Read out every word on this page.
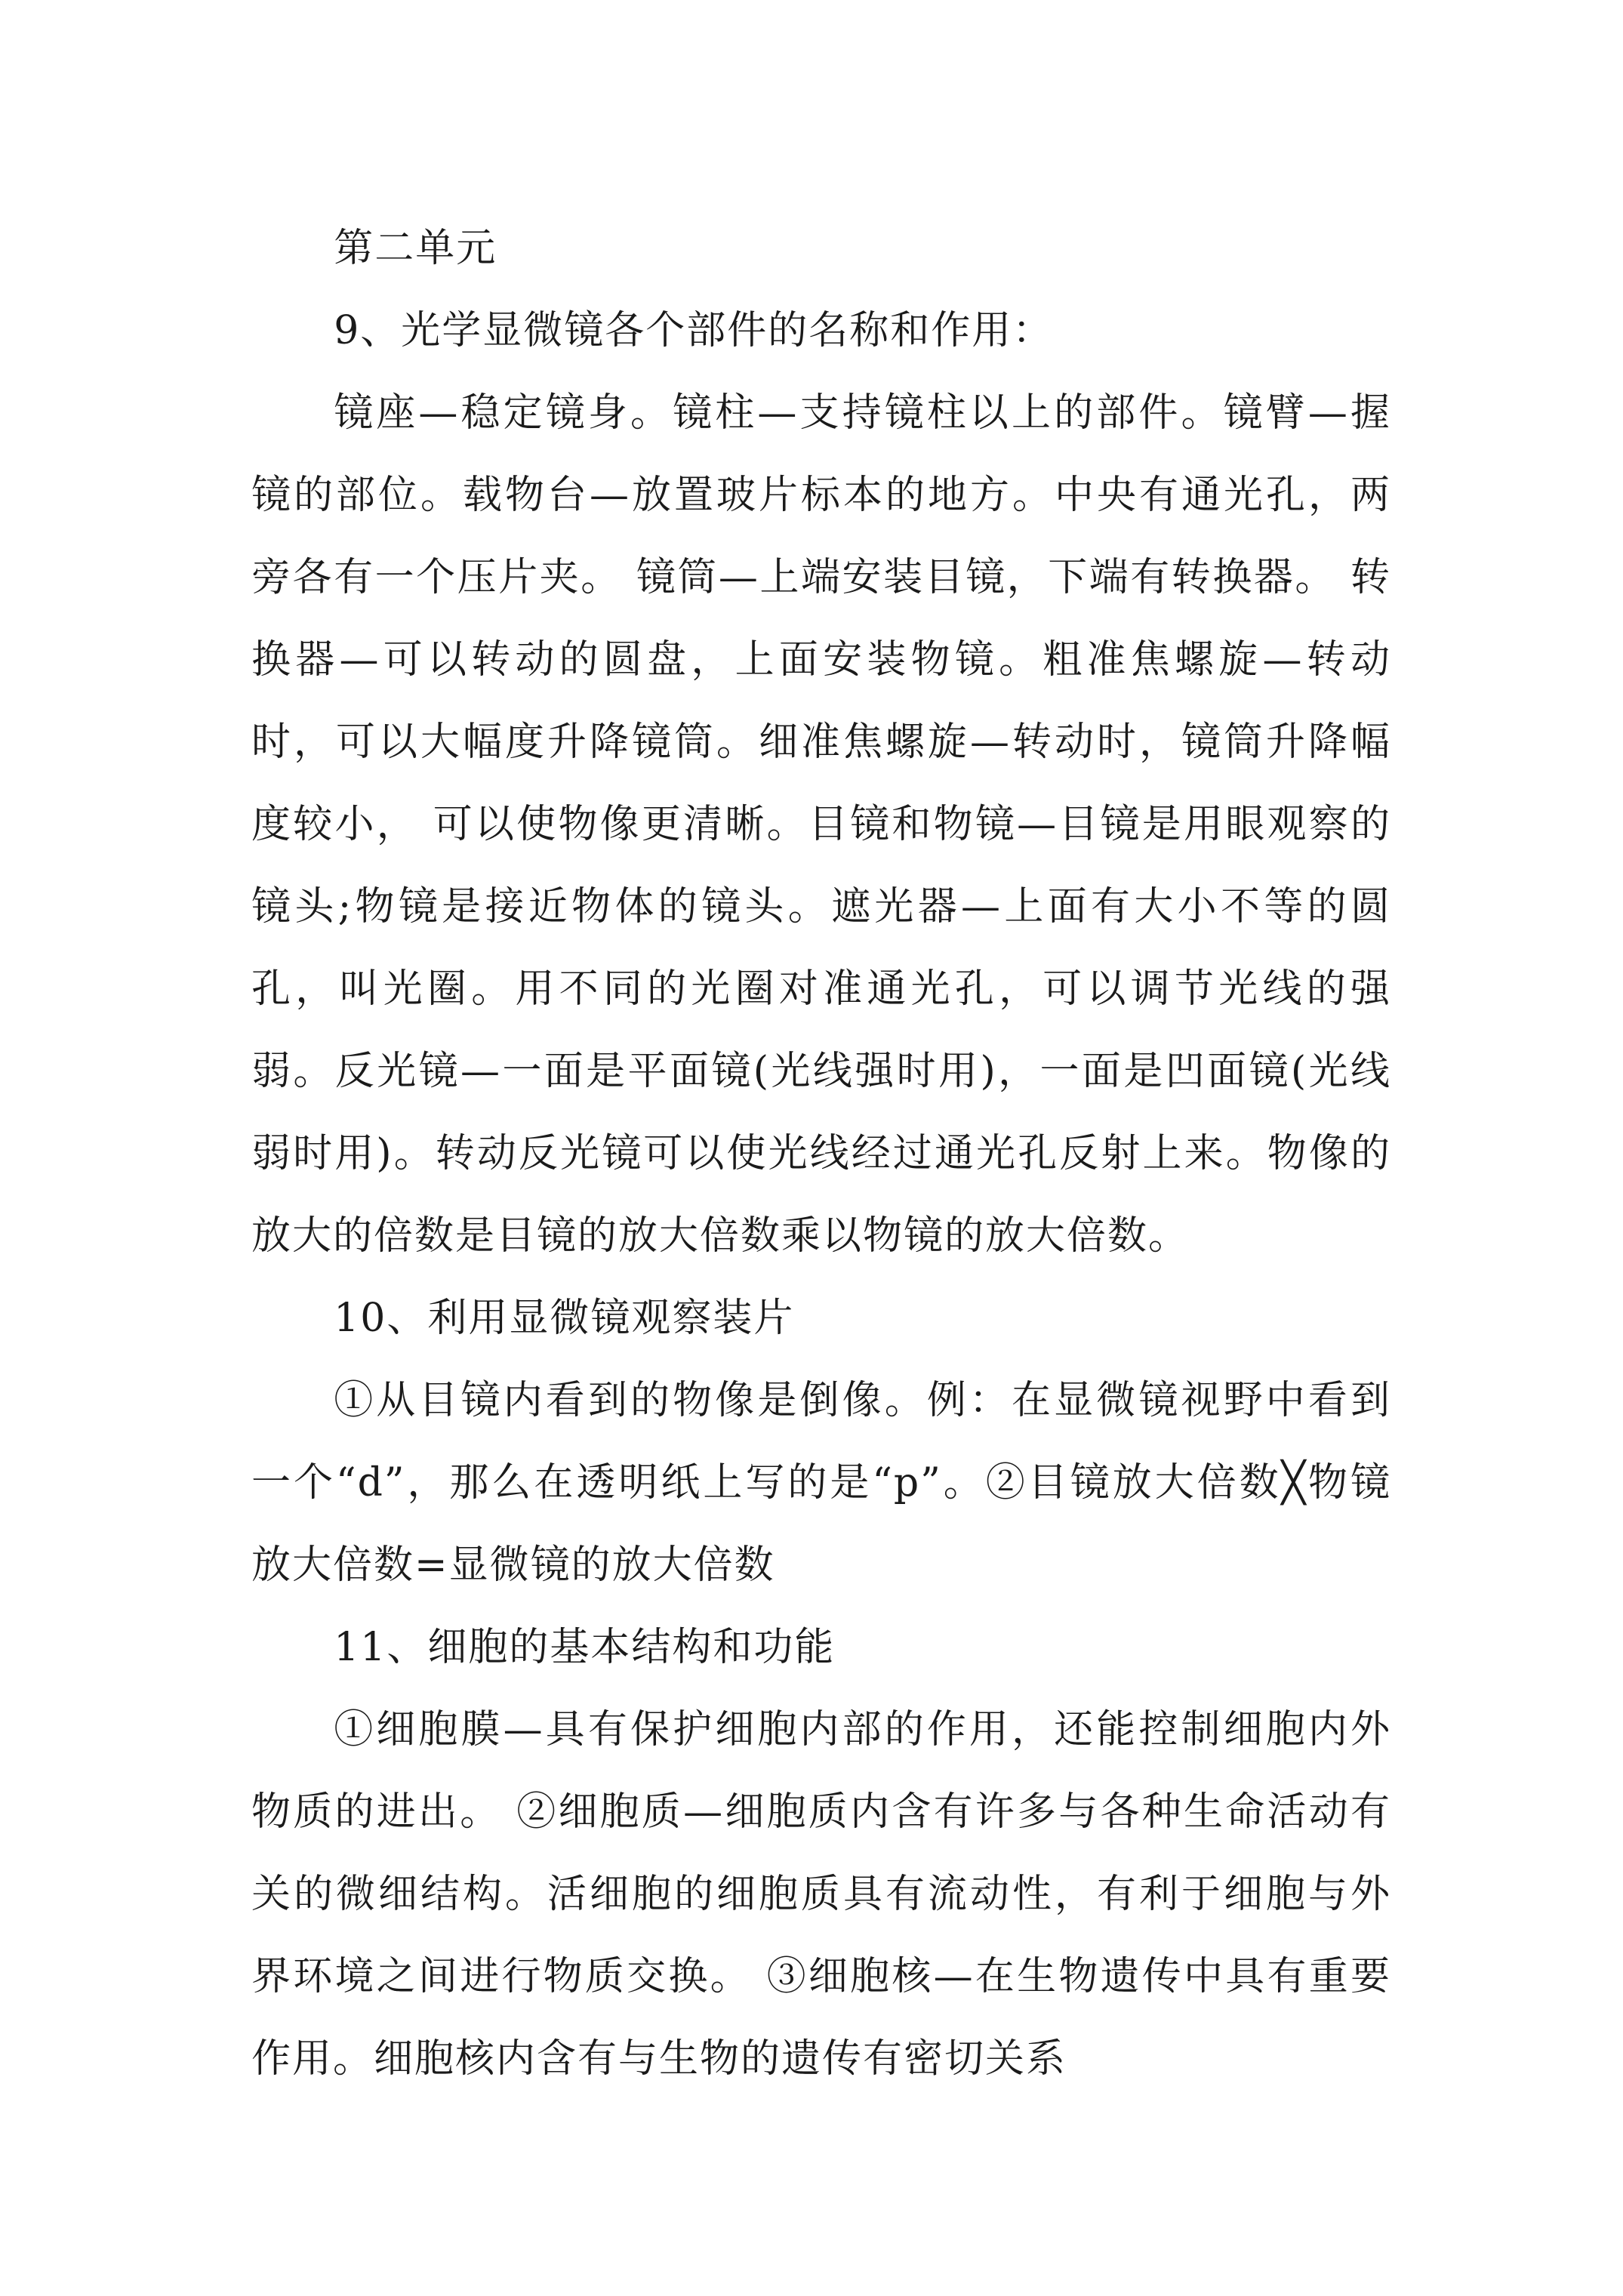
第二单元

9、光学显微镜各个部件的名称和作用：

镜座—稳定镜身。镜柱—支持镜柱以上的部件。镜臂—握镜的部位。载物台—放置玻片标本的地方。中央有通光孔，两旁各有一个压片夹。 镜筒—上端安装目镜，下端有转换器。 转换器—可以转动的圆盘，上面安装物镜。粗准焦螺旋—转动时，可以大幅度升降镜筒。细准焦螺旋—转动时，镜筒升降幅度较小， 可以使物像更清晰。目镜和物镜—目镜是用眼观察的镜头;物镜是接近物体的镜头。遮光器—上面有大小不等的圆孔，叫光圈。用不同的光圈对准通光孔，可以调节光线的强弱。反光镜—一面是平面镜(光线强时用)，一面是凹面镜(光线弱时用)。转动反光镜可以使光线经过通光孔反射上来。物像的放大的倍数是目镜的放大倍数乘以物镜的放大倍数。

10、利用显微镜观察装片

①从目镜内看到的物像是倒像。例：在显微镜视野中看到一个“d”，那么在透明纸上写的是“p”。②目镜放大倍数╳物镜放大倍数=显微镜的放大倍数

11、细胞的基本结构和功能

①细胞膜—具有保护细胞内部的作用，还能控制细胞内外物质的进出。 ②细胞质—细胞质内含有许多与各种生命活动有关的微细结构。活细胞的细胞质具有流动性，有利于细胞与外界环境之间进行物质交换。 ③细胞核—在生物遗传中具有重要作用。细胞核内含有与生物的遗传有密切关系
